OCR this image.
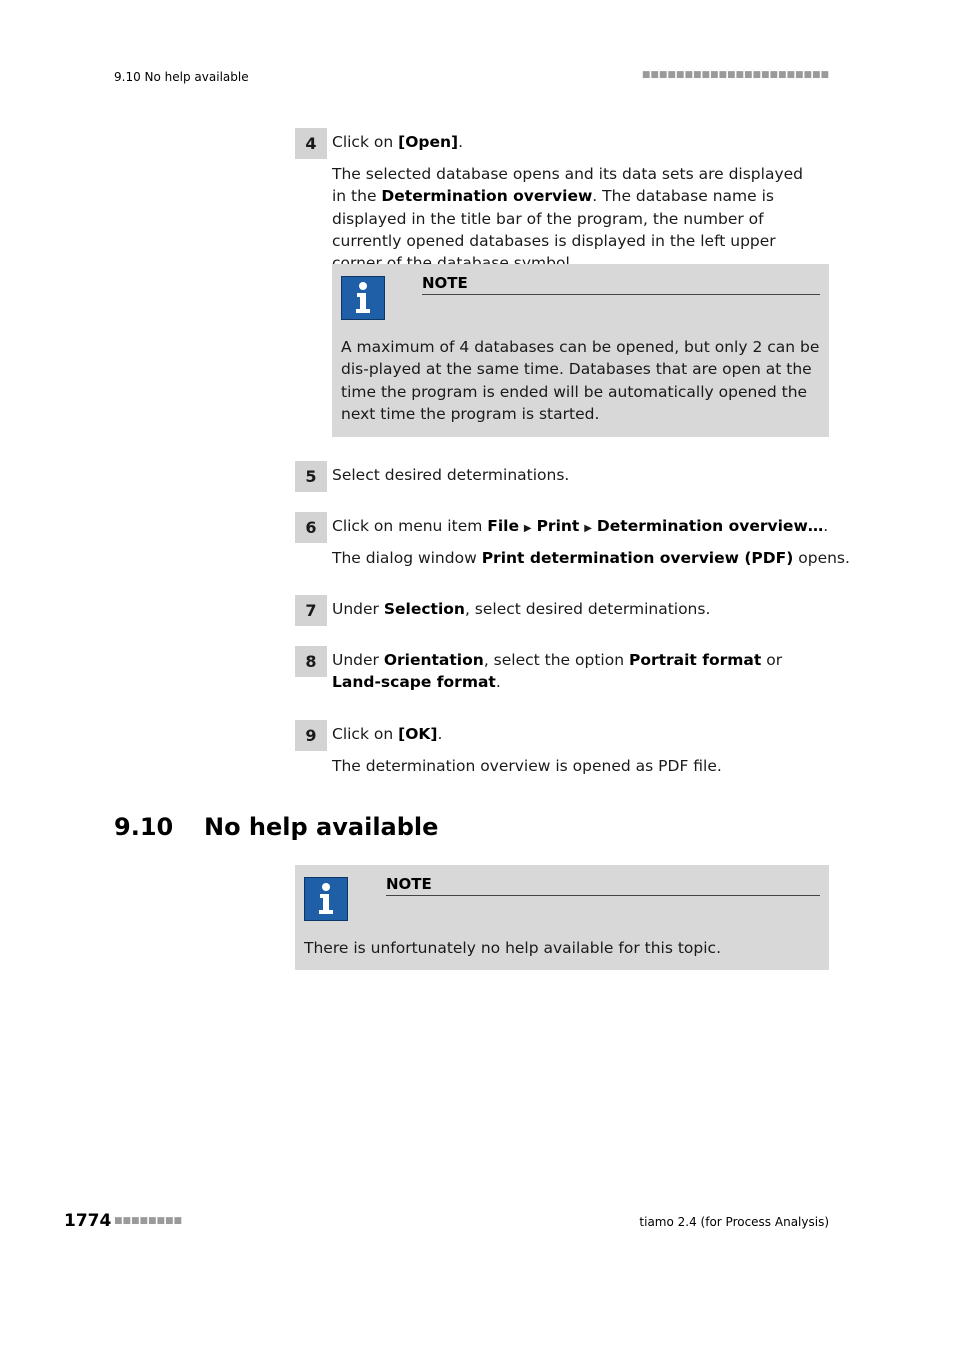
9.10 No help available	■■■■■■■■■■■■■■■■■■■■■■
4 Click on [Open].
The selected database opens and its data sets are displayed in the Determination overview. The database name is displayed in the title bar of the program, the number of currently opened databases is displayed in the left upper
NOTE
A maximum of 4 databases can be opened, but only 2 can be dis-played at the same time. Databases that are open at the time the program is ended will be automatically opened the next time the program is started.
5 Select desired determinations.
6 Click on menu item File ▶ Print ▶ Determination overview….
The dialog window Print determination overview (PDF) opens.
7 Under Selection, select desired determinations.
8 Under Orientation, select the option Portrait format or Land-scape format.
9 Click on [OK].
The determination overview is opened as PDF file.
9.10 No help available
NOTE
There is unfortunately no help available for this topic.
1774 ■■■■■■■■	tiamo 2.4 (for Process Analysis)
